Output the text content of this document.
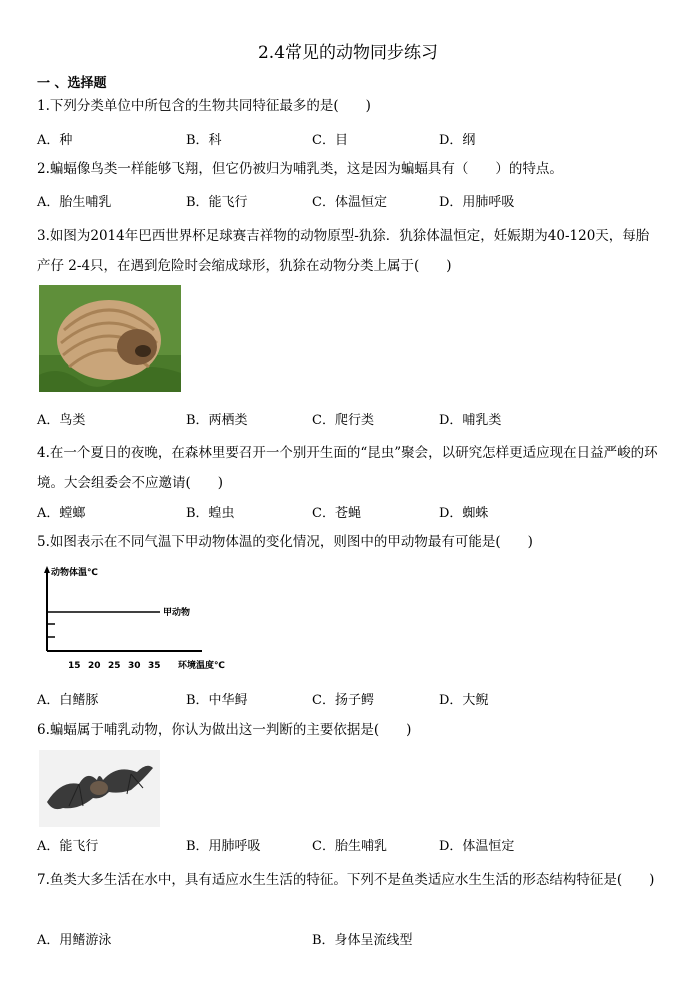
2.4常见的动物同步练习
一 、选择题
1.下列分类单位中所包含的生物共同特征最多的是(　　)
A．种	B．科	C．目	D．纲
2.蝙蝠像鸟类一样能够飞翔，但它仍被归为哺乳类，这是因为蝙蝠具有（　　）的特点。
A．胎生哺乳	B．能飞行	C．体温恒定	D．用肺呼吸
3.如图为2014年巴西世界杯足球赛吉祥物的动物原型-犰狳．犰狳体温恒定，妊娠期为40-120天，每胎产仔 2-4只，在遇到危险时会缩成球形，犰狳在动物分类上属于(　　)
A．鸟类	B．两栖类	C．爬行类	D．哺乳类
4.在一个夏日的夜晚，在森林里要召开一个别开生面的“昆虫”聚会，以研究怎样更适应现在日益严峻的环境。大会组委会不应邀请(　　)
A．螳螂	B．蝗虫	C．苍蝇	D．蜘蛛
5.如图表示在不同气温下甲动物体温的变化情况，则图中的甲动物最有可能是(　　)
甲动物
动物体温℃
环境温度℃
15 20 25 30 35
A．白鳍豚	B．中华鲟	C．扬子鳄	D．大鲵
6.蝙蝠属于哺乳动物，你认为做出这一判断的主要依据是(　　)
A．能飞行	B．用肺呼吸	C．胎生哺乳	D．体温恒定
7.鱼类大多生活在水中，具有适应水生生活的特征。下列不是鱼类适应水生生活的形态结构特征是(　　)
A．用鳍游泳	B．身体呈流线型
